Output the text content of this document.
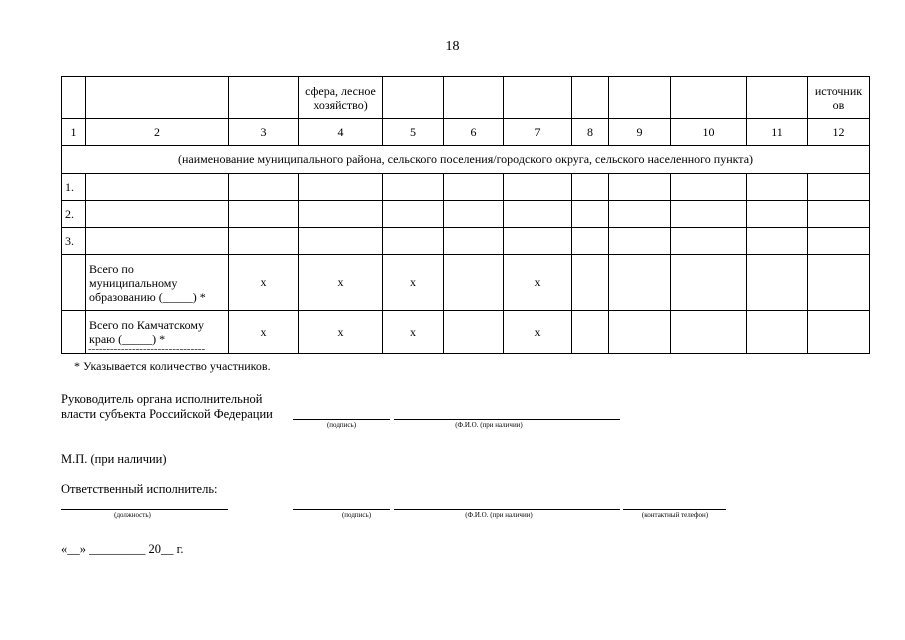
18
			сфера, лесное хозяйство)								источник ов
1	2	3	4	5	6	7	8	9	10	11	12
(наименование муниципального района, сельского поселения/городского округа, сельского населенного пункта)											
1.											
2.											
3.											
	Всего по муниципальному образованию (_____) *	x	x	x		x					
	Всего по Камчатскому краю (_____) *	x	x	x		x					
--------------------------------
* Указывается количество участников.
Руководитель органа исполнительной власти субъекта Российской Федерации
(подпись)	(Ф.И.О. (при наличии)
М.П. (при наличии)
Ответственный исполнитель:
(должность)	(подпись)	(Ф.И.О. (при наличии)	(контактный телефон)
«__» _________ 20__ г.
